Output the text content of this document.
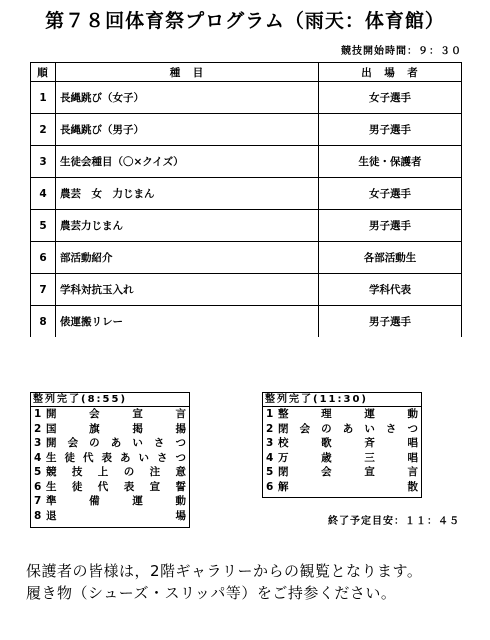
第７８回体育祭プログラム（雨天：体育館）
競技開始時間：９：３０
順	種　目	出　場　者
1	長縄跳び（女子）	女子選手
2	長縄跳び（男子）	男子選手
3	生徒会種目（〇×クイズ）	生徒・保護者
4	農芸　女　力じまん	女子選手
5	農芸力じまん	男子選手
6	部活動紹介	各部活動生
7	学科対抗玉入れ	学科代表
8	俵運搬リレー	男子選手
整列完了(8:55)
1 開会宣言
2 国旗掲揚
3 開会のあいさつ
4 生徒代表あいさつ
5 競技上の注意
6 生徒代表宣誓
7 準備運動
8 退場
整列完了(11:30)
1 整理運動
2 閉会のあいさつ
3 校歌斉唱
4 万歳三唱
5 閉会宣言
6 解散
終了予定目安：１１：４５
保護者の皆様は，2階ギャラリーからの観覧となります。
履き物（シューズ・スリッパ等）をご持参ください。
